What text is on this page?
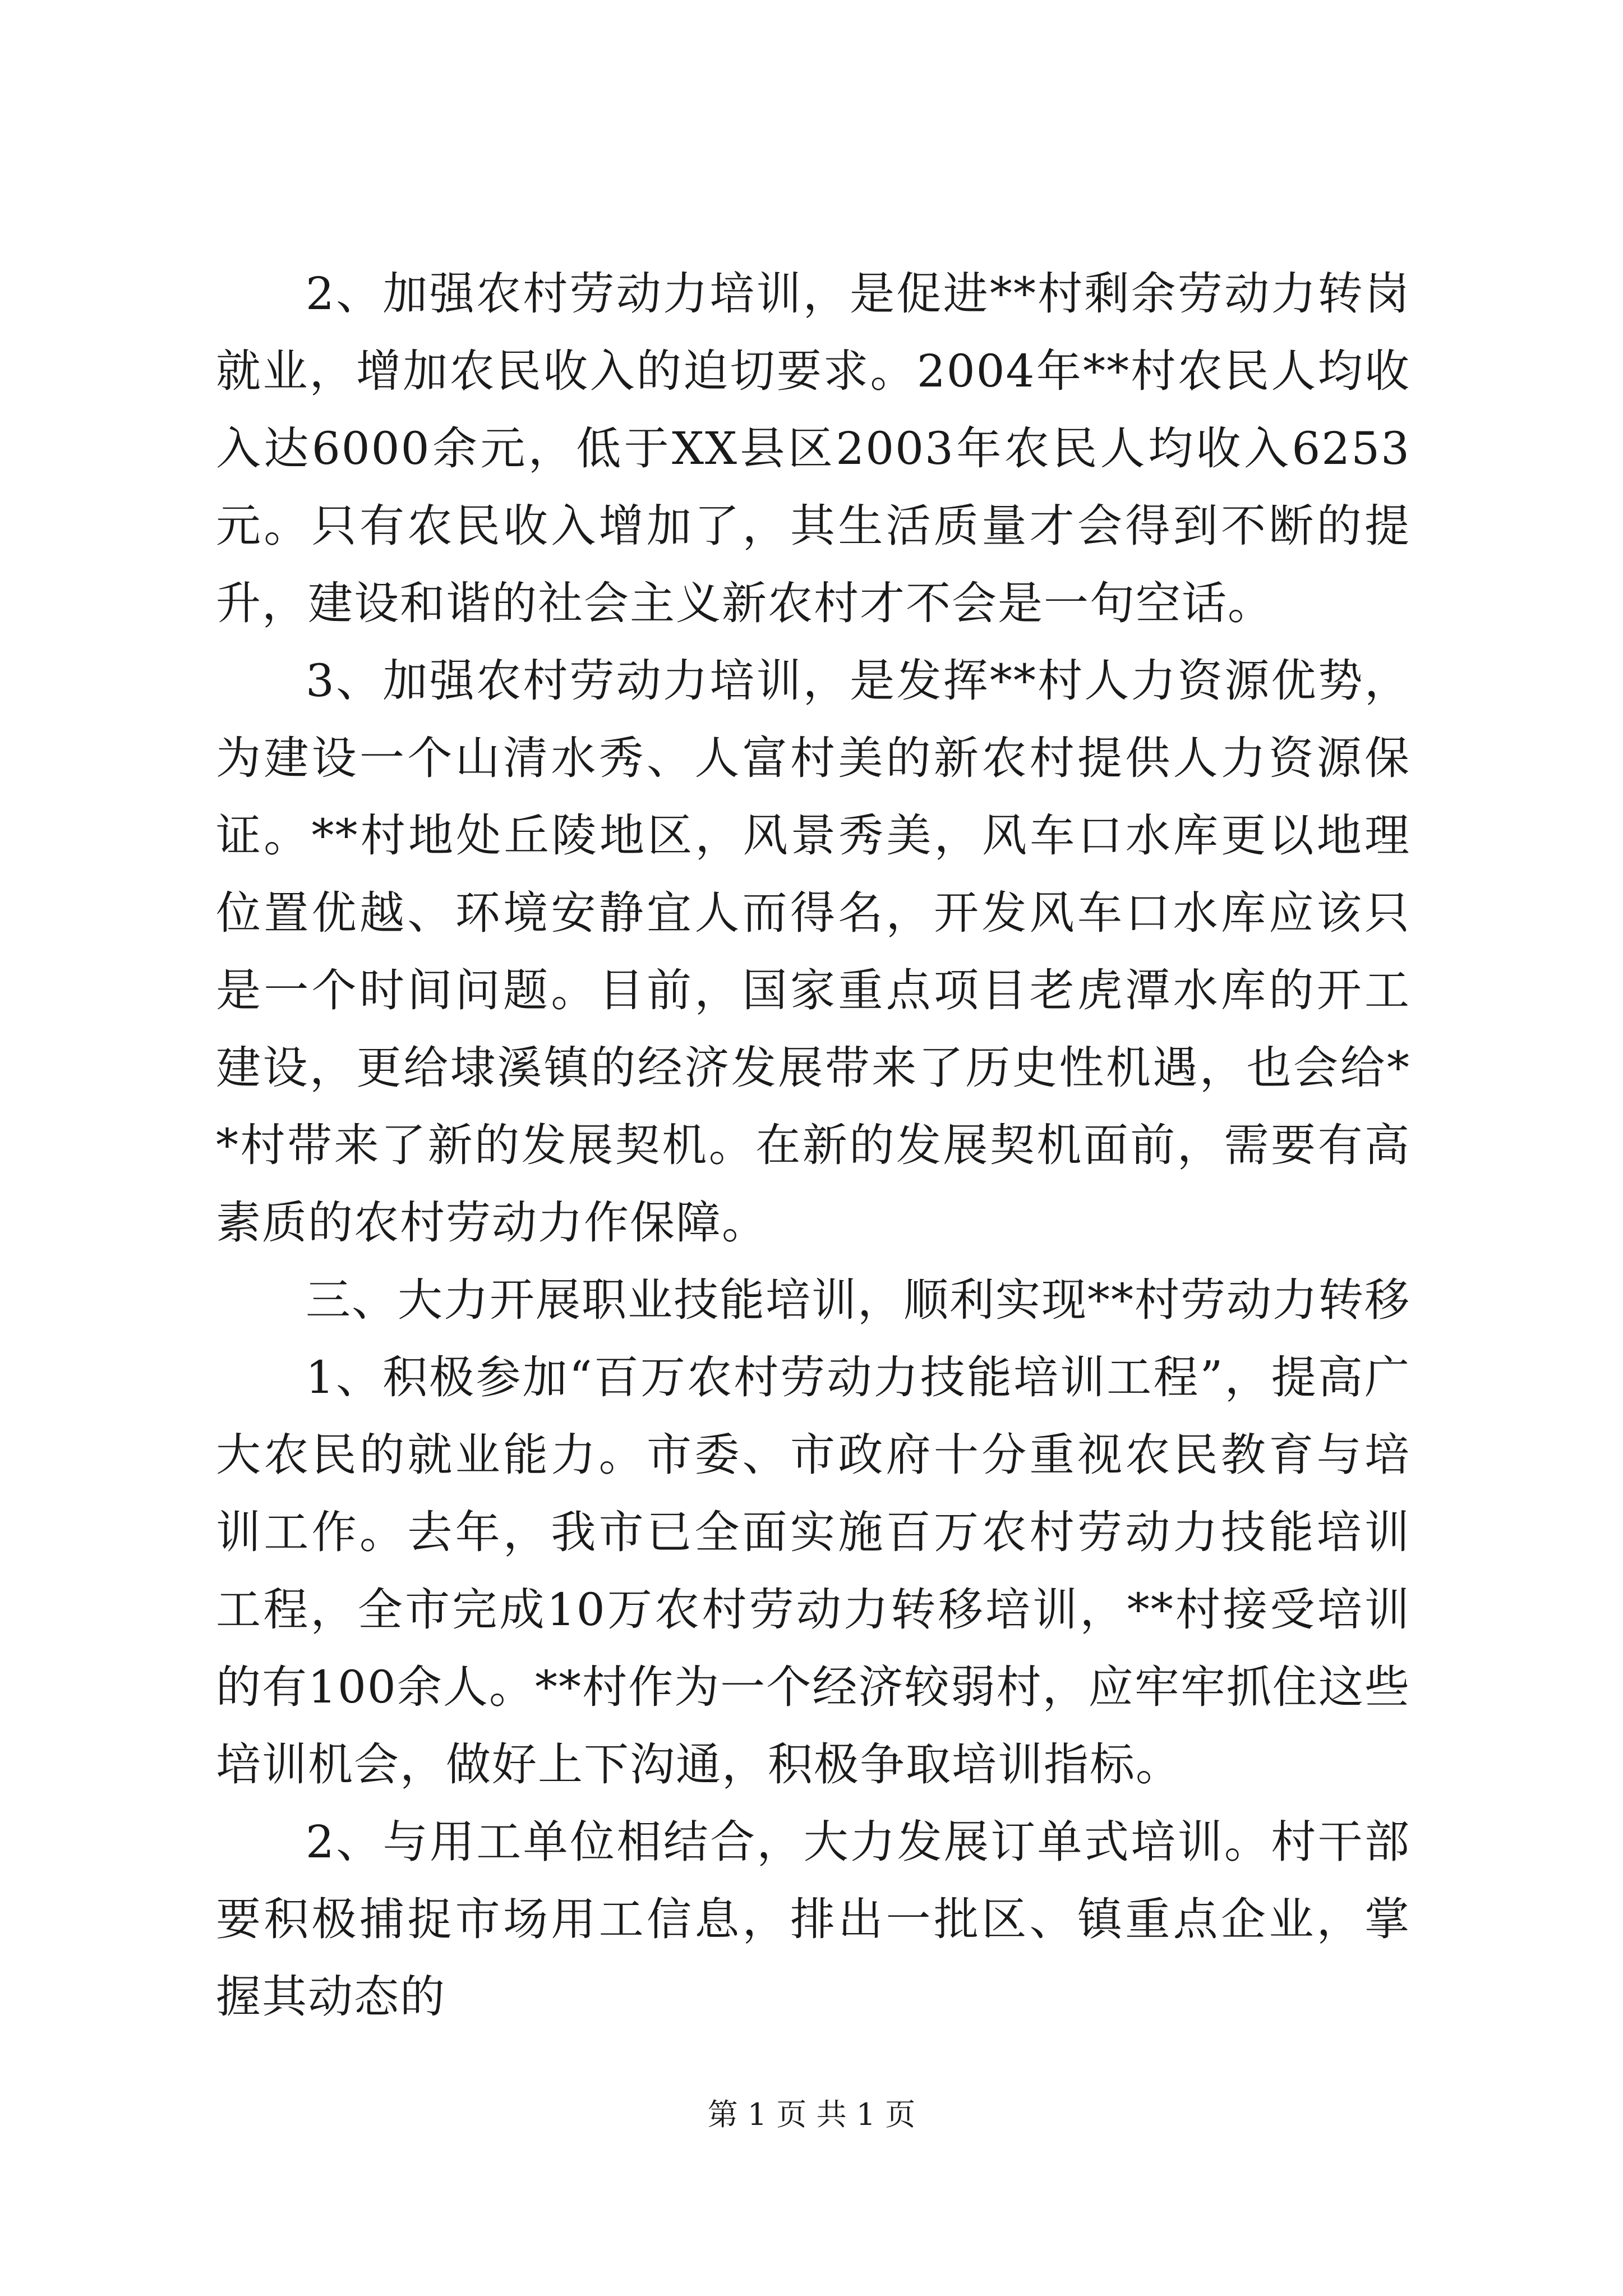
2、加强农村劳动力培训，是促进**村剩余劳动力转岗就业，增加农民收入的迫切要求。2004年**村农民人均收入达6000余元，低于XX县区2003年农民人均收入6253元。只有农民收入增加了，其生活质量才会得到不断的提升，建设和谐的社会主义新农村才不会是一句空话。

3、加强农村劳动力培训，是发挥**村人力资源优势，为建设一个山清水秀、人富村美的新农村提供人力资源保证。**村地处丘陵地区，风景秀美，风车口水库更以地理位置优越、环境安静宜人而得名，开发风车口水库应该只是一个时间问题。目前，国家重点项目老虎潭水库的开工建设，更给埭溪镇的经济发展带来了历史性机遇，也会给**村带来了新的发展契机。在新的发展契机面前，需要有高素质的农村劳动力作保障。

三、大力开展职业技能培训，顺利实现**村劳动力转移

1、积极参加“百万农村劳动力技能培训工程”，提高广大农民的就业能力。市委、市政府十分重视农民教育与培训工作。去年，我市已全面实施百万农村劳动力技能培训工程，全市完成10万农村劳动力转移培训，**村接受培训的有100余人。**村作为一个经济较弱村，应牢牢抓住这些培训机会，做好上下沟通，积极争取培训指标。

2、与用工单位相结合，大力发展订单式培训。村干部要积极捕捉市场用工信息，排出一批区、镇重点企业，掌握其动态的

第 1 页 共 1 页
